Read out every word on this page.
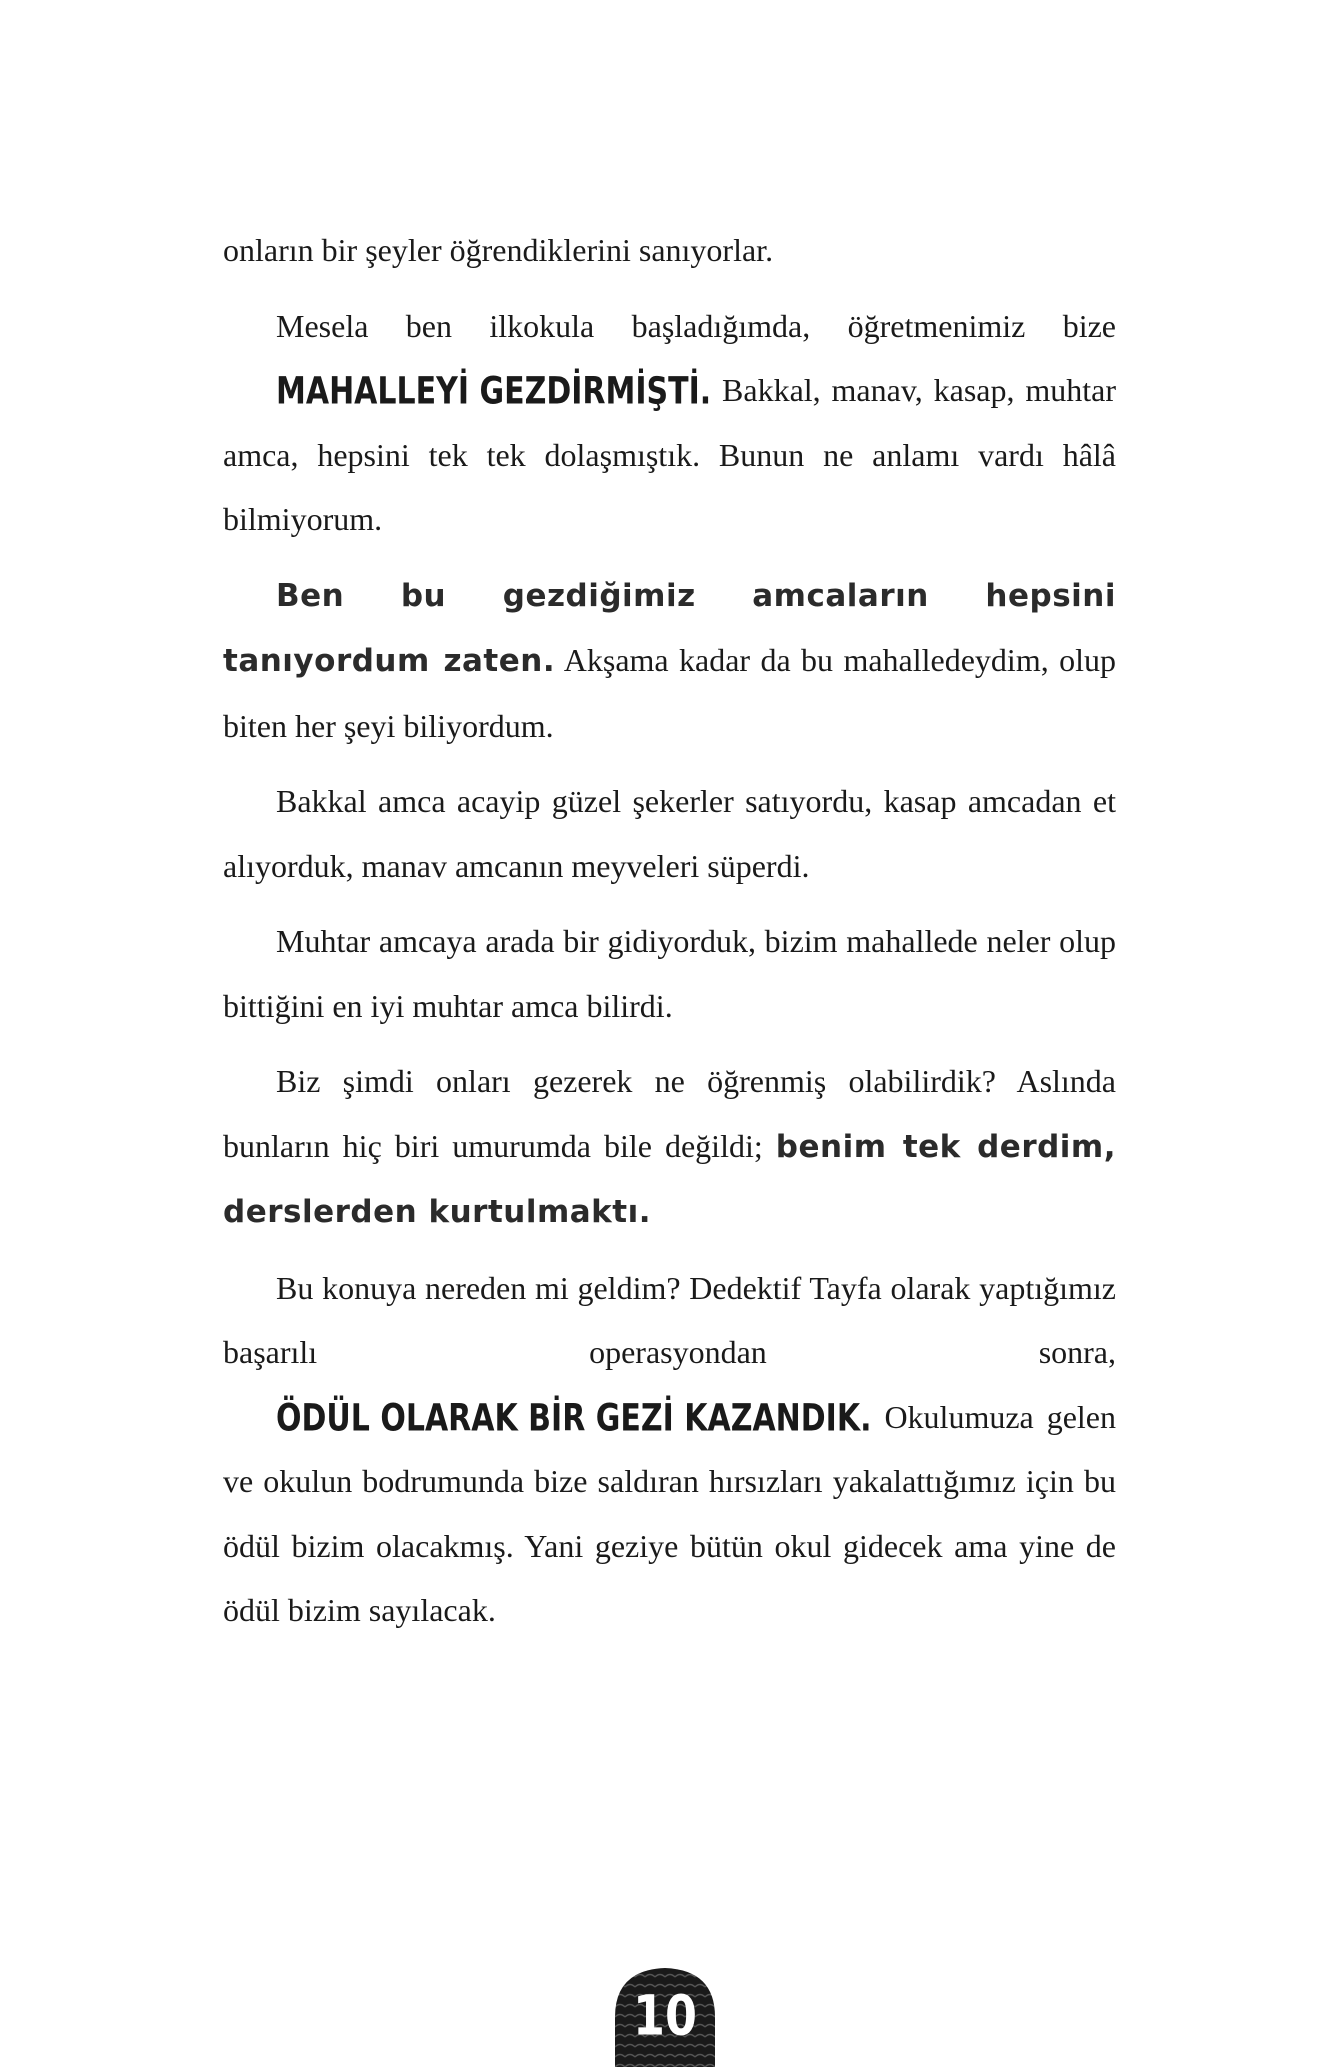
onların bir şeyler öğrendiklerini sanıyorlar.

Mesela ben ilkokula başladığımda, öğretmenimiz bize MAHALLEYİ GEZDİRMİŞTİ. Bakkal, manav, kasap, muhtar amca, hepsini tek tek dolaşmıştık. Bunun ne anlamı vardı hâlâ bilmiyorum.

Ben bu gezdiğimiz amcaların hepsini tanıyordum zaten. Akşama kadar da bu mahalledeydim, olup biten her şeyi biliyordum.

Bakkal amca acayip güzel şekerler satıyordu, kasap amcadan et alıyorduk, manav amcanın meyveleri süperdi.

Muhtar amcaya arada bir gidiyorduk, bizim mahallede neler olup bittiğini en iyi muhtar amca bilirdi.

Biz şimdi onları gezerek ne öğrenmiş olabilirdik? Aslında bunların hiç biri umurumda bile değildi; benim tek derdim, derslerden kurtulmaktı.

Bu konuya nereden mi geldim? Dedektif Tayfa olarak yaptığımız başarılı operasyondan sonra, ÖDÜL OLARAK BİR GEZİ KAZANDIK. Okulumuza gelen ve okulun bodrumunda bize saldıran hırsızları yakalattığımız için bu ödül bizim olacakmış. Yani geziye bütün okul gidecek ama yine de ödül bizim sayılacak.

10
